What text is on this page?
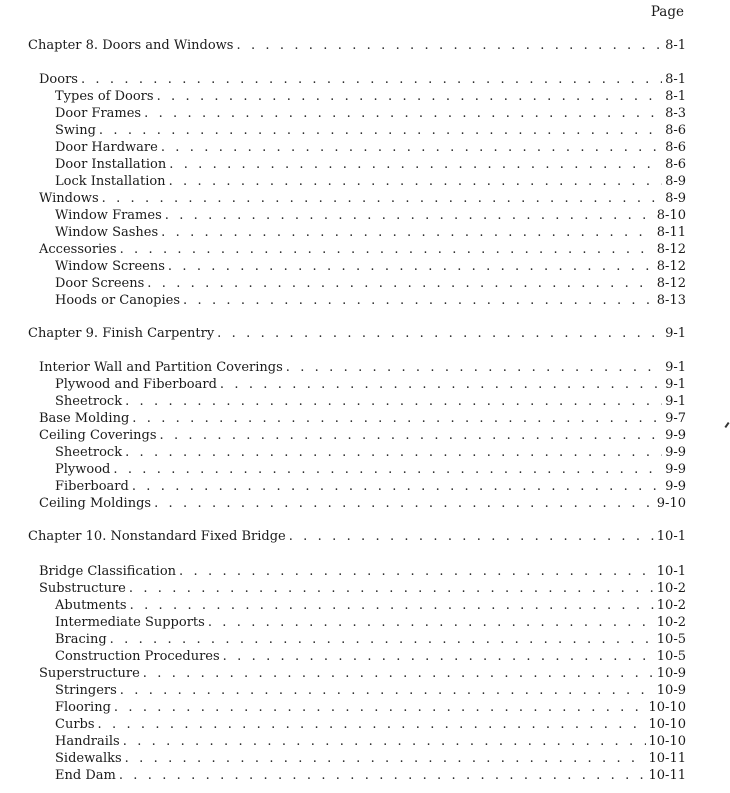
Page
Chapter 8. Doors and Windows . . .	8-1
Doors . . .	8-1
Types of Doors . . .	8-1
Door Frames . . .	8-3
Swing . . .	8-6
Door Hardware . . .	8-6
Door Installation . . .	8-6
Lock Installation . . .	8-9
Windows . . .	8-9
Window Frames . . .	8-10
Window Sashes . . .	8-11
Accessories . . .	8-12
Window Screens . . .	8-12
Door Screens . . .	8-12
Hoods or Canopies . . .	8-13
Chapter 9. Finish Carpentry . . .	9-1
Interior Wall and Partition Coverings . . .	9-1
Plywood and Fiberboard . . .	9-1
Sheetrock . . .	9-1
Base Molding . . .	9-7
Ceiling Coverings . . .	9-9
Sheetrock . . .	9-9
Plywood . . .	9-9
Fiberboard . . .	9-9
Ceiling Moldings . . .	9-10
Chapter 10. Nonstandard Fixed Bridge . . .	10-1
Bridge Classification . . .	10-1
Substructure . . .	10-2
Abutments . . .	10-2
Intermediate Supports . . .	10-2
Bracing . . .	10-5
Construction Procedures . . .	10-5
Superstructure . . .	10-9
Stringers . . .	10-9
Flooring . . .	10-10
Curbs . . .	10-10
Handrails . . .	10-10
Sidewalks . . .	10-11
End Dam . . .	10-11
